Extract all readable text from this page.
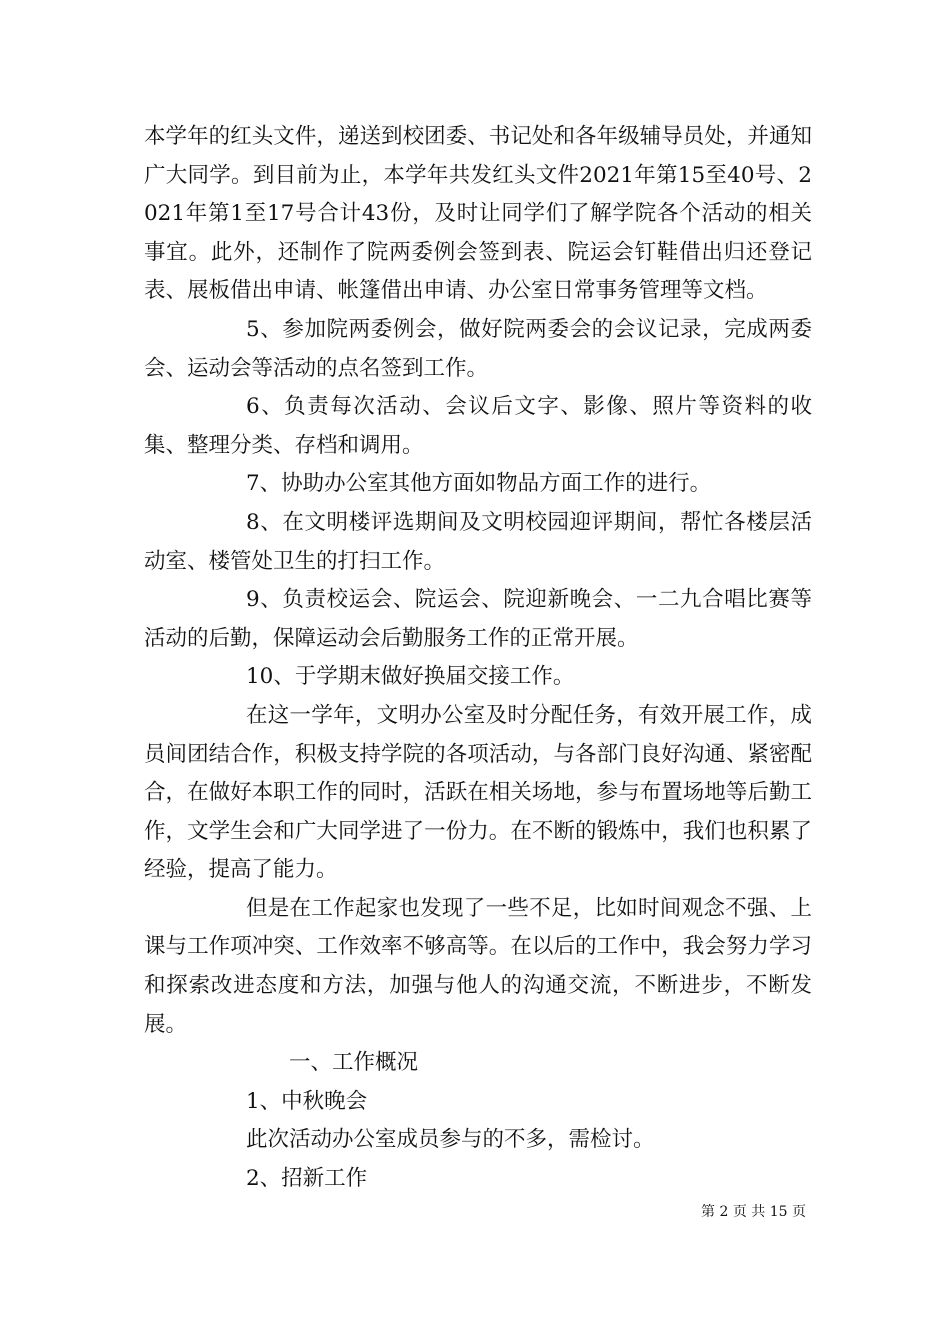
本学年的红头文件，递送到校团委、书记处和各年级辅导员处，并通知广大同学。到目前为止，本学年共发红头文件2021年第15至40号、2021年第1至17号合计43份，及时让同学们了解学院各个活动的相关事宜。此外，还制作了院两委例会签到表、院运会钉鞋借出归还登记表、展板借出申请、帐篷借出申请、办公室日常事务管理等文档。

5、参加院两委例会，做好院两委会的会议记录，完成两委会、运动会等活动的点名签到工作。

6、负责每次活动、会议后文字、影像、照片等资料的收集、整理分类、存档和调用。

7、协助办公室其他方面如物品方面工作的进行。

8、在文明楼评选期间及文明校园迎评期间，帮忙各楼层活动室、楼管处卫生的打扫工作。

9、负责校运会、院运会、院迎新晚会、一二九合唱比赛等活动的后勤，保障运动会后勤服务工作的正常开展。

10、于学期末做好换届交接工作。

在这一学年，文明办公室及时分配任务，有效开展工作，成员间团结合作，积极支持学院的各项活动，与各部门良好沟通、紧密配合，在做好本职工作的同时，活跃在相关场地，参与布置场地等后勤工作，文学生会和广大同学进了一份力。在不断的锻炼中，我们也积累了经验，提高了能力。

但是在工作起家也发现了一些不足，比如时间观念不强、上课与工作项冲突、工作效率不够高等。在以后的工作中，我会努力学习和探索改进态度和方法，加强与他人的沟通交流，不断进步，不断发展。

一、工作概况

1、中秋晚会

此次活动办公室成员参与的不多，需检讨。

2、招新工作

第 2 页 共 15 页
